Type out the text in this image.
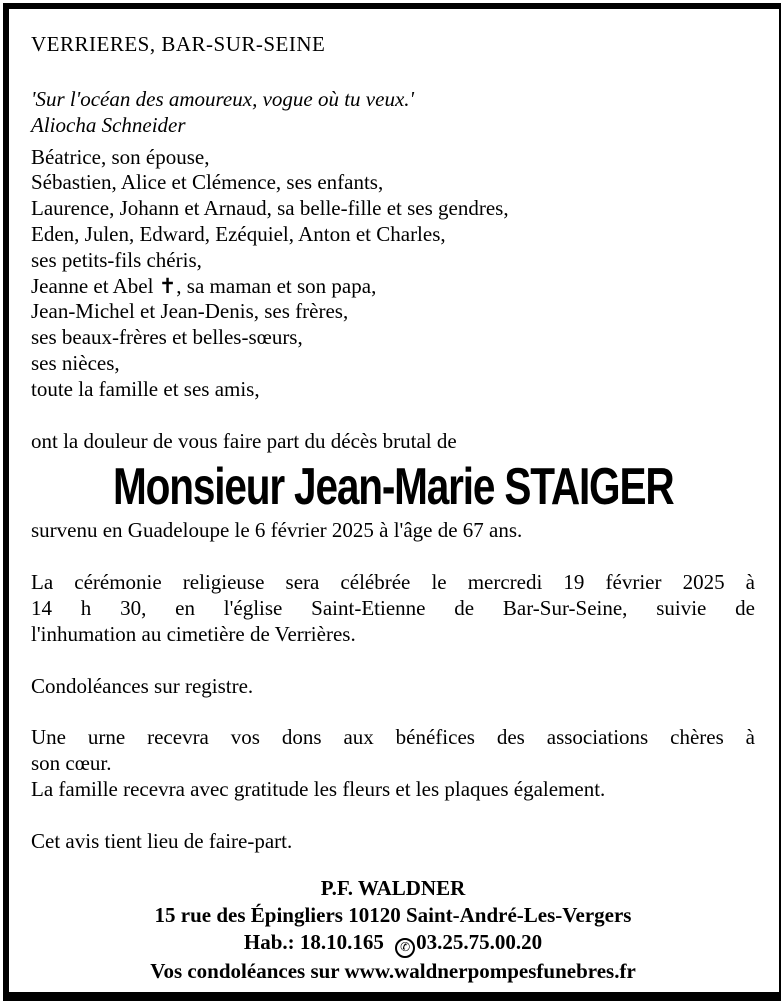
VERRIERES, BAR-SUR-SEINE
'Sur l'océan des amoureux, vogue où tu veux.'
Aliocha Schneider
Béatrice, son épouse,
Sébastien, Alice et Clémence, ses enfants,
Laurence, Johann et Arnaud, sa belle-fille et ses gendres,
Eden, Julen, Edward, Ezéquiel, Anton et Charles,
ses petits-fils chéris,
Jeanne et Abel ✝, sa maman et son papa,
Jean-Michel et Jean-Denis, ses frères,
ses beaux-frères et belles-sœurs,
ses nièces,
toute la famille et ses amis,
ont la douleur de vous faire part du décès brutal de
Monsieur Jean-Marie STAIGER
survenu en Guadeloupe le 6 février 2025 à l'âge de 67 ans.
La cérémonie religieuse sera célébrée le mercredi 19 février 2025 à
14 h 30, en l'église Saint-Etienne de Bar-Sur-Seine, suivie de
l'inhumation au cimetière de Verrières.
Condoléances sur registre.
Une urne recevra vos dons aux bénéfices des associations chères à
son cœur.
La famille recevra avec gratitude les fleurs et les plaques également.
Cet avis tient lieu de faire-part.
P.F. WALDNER
15 rue des Épingliers 10120 Saint-André-Les-Vergers
Hab.: 18.10.165 ✆ 03.25.75.00.20
Vos condoléances sur www.waldnerpompesfunebres.fr
